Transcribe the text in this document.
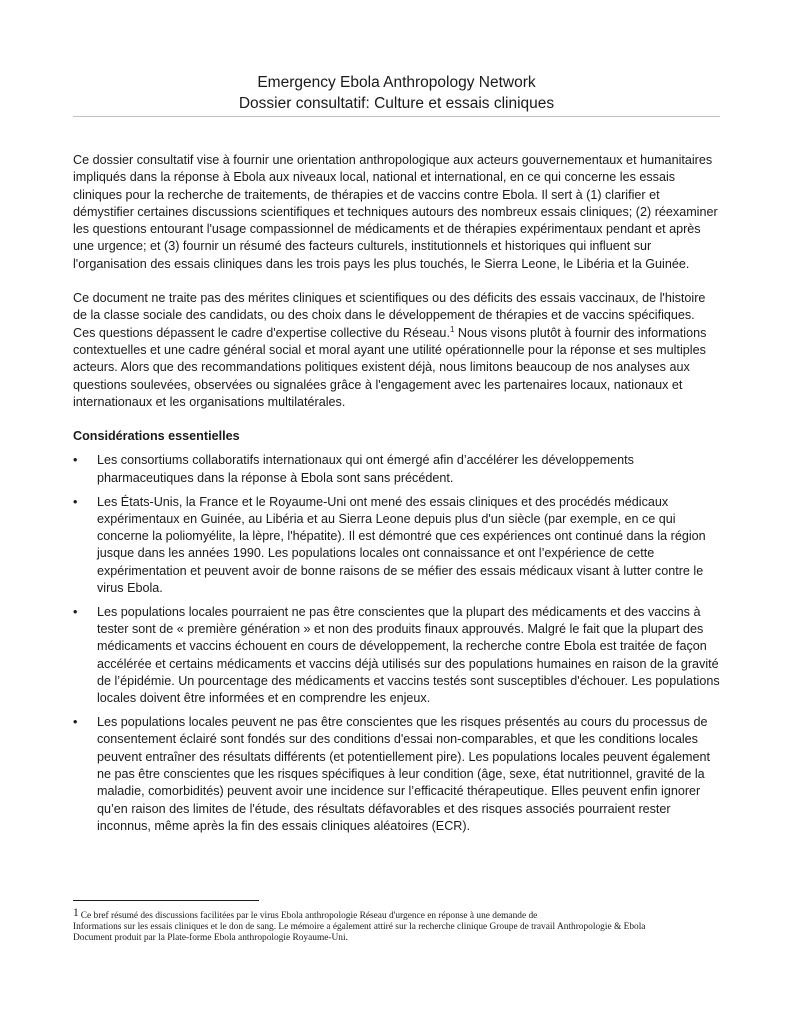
Emergency Ebola Anthropology Network
Dossier consultatif: Culture et essais cliniques

Ce dossier consultatif vise à fournir une orientation anthropologique aux acteurs gouvernementaux et humanitaires impliqués dans la réponse à Ebola aux niveaux local, national et international, en ce qui concerne les essais cliniques pour la recherche de traitements, de thérapies et de vaccins contre Ebola. Il sert à (1) clarifier et démystifier certaines discussions scientifiques et techniques autours des nombreux essais cliniques; (2) réexaminer les questions entourant l'usage compassionnel de médicaments et de thérapies expérimentaux pendant et après une urgence; et (3) fournir un résumé des facteurs culturels, institutionnels et historiques qui influent sur l'organisation des essais cliniques dans les trois pays les plus touchés, le Sierra Leone, le Libéria et la Guinée.

Ce document ne traite pas des mérites cliniques et scientifiques ou des déficits des essais vaccinaux, de l'histoire de la classe sociale des candidats, ou des choix dans le développement de thérapies et de vaccins spécifiques. Ces questions dépassent le cadre d'expertise collective du Réseau.$^1$ Nous visons plutôt à fournir des informations contextuelles et une cadre général social et moral ayant une utilité opérationnelle pour la réponse et ses multiples acteurs. Alors que des recommandations politiques existent déjà, nous limitons beaucoup de nos analyses aux questions soulevées, observées ou signalées grâce à l'engagement avec les partenaires locaux, nationaux et internationaux et les organisations multilatérales.

Considérations essentielles
• Les consortiums collaboratifs internationaux qui ont émergé afin d’accélérer les développements pharmaceutiques dans la réponse à Ebola sont sans précédent.
• Les États-Unis, la France et le Royaume-Uni ont mené des essais cliniques et des procédés médicaux expérimentaux en Guinée, au Libéria et au Sierra Leone depuis plus d'un siècle (par exemple, en ce qui concerne la poliomyélite, la lèpre, l'hépatite). Il est démontré que ces expériences ont continué dans la région jusque dans les années 1990. Les populations locales ont connaissance et ont l’expérience de cette expérimentation et peuvent avoir de bonne raisons de se méfier des essais médicaux visant à lutter contre le virus Ebola.
• Les populations locales pourraient ne pas être conscientes que la plupart des médicaments et des vaccins à tester sont de « première génération » et non des produits finaux approuvés. Malgré le fait que la plupart des médicaments et vaccins échouent en cours de développement, la recherche contre Ebola est traitée de façon accélérée et certains médicaments et vaccins déjà utilisés sur des populations humaines en raison de la gravité de l’épidémie. Un pourcentage des médicaments et vaccins testés sont susceptibles d'échouer. Les populations locales doivent être informées et en comprendre les enjeux.
• Les populations locales peuvent ne pas être conscientes que les risques présentés au cours du processus de consentement éclairé sont fondés sur des conditions d'essai non-comparables, et que les conditions locales peuvent entraîner des résultats différents (et potentiellement pire). Les populations locales peuvent également ne pas être conscientes que les risques spécifiques à leur condition (âge, sexe, état nutritionnel, gravité de la maladie, comorbidités) peuvent avoir une incidence sur l’efficacité thérapeutique. Elles peuvent enfin ignorer qu’en raison des limites de l'étude, des résultats défavorables et des risques associés pourraient rester inconnus, même après la fin des essais cliniques aléatoires (ECR).
1 Ce bref résumé des discussions facilitées par le virus Ebola anthropologie Réseau d'urgence en réponse à une demande de
Informations sur les essais cliniques et le don de sang. Le mémoire a également attiré sur la recherche clinique Groupe de travail Anthropologie & Ebola
Document produit par la Plate-forme Ebola anthropologie Royaume-Uni.
